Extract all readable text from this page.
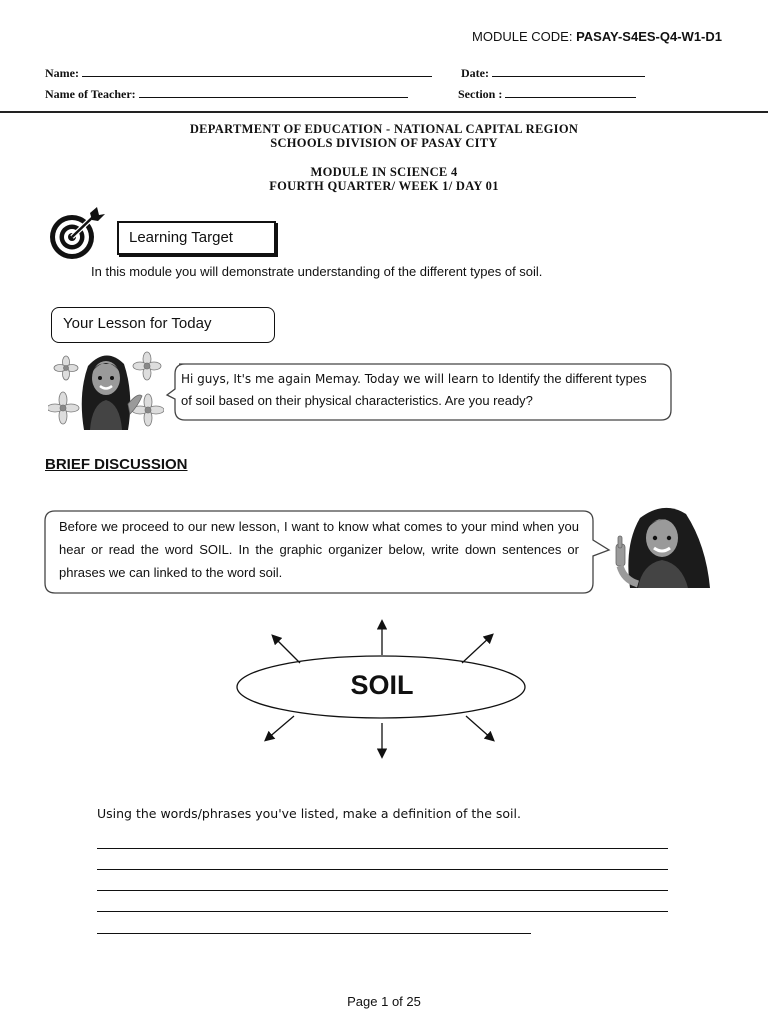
MODULE CODE: PASAY-S4ES-Q4-W1-D1
Name:	Date:
Name of Teacher:	Section :
DEPARTMENT OF EDUCATION - NATIONAL CAPITAL REGION
SCHOOLS DIVISION OF PASAY CITY
MODULE IN SCIENCE 4
FOURTH QUARTER/ WEEK 1/ DAY 01
Learning Target
In this module you will demonstrate understanding of the different types of soil.
Your Lesson for Today
Hi guys, It's me again Memay. Today we will learn to Identify the different types of soil based on their physical characteristics. Are you ready?
BRIEF DISCUSSION
Before we proceed to our new lesson, I want to know what comes to your mind when you hear or read the word SOIL. In the graphic organizer below, write down sentences or phrases we can linked to the word soil.
SOIL
Using the words/phrases you've listed, make a definition of the soil.
Page 1 of 25
